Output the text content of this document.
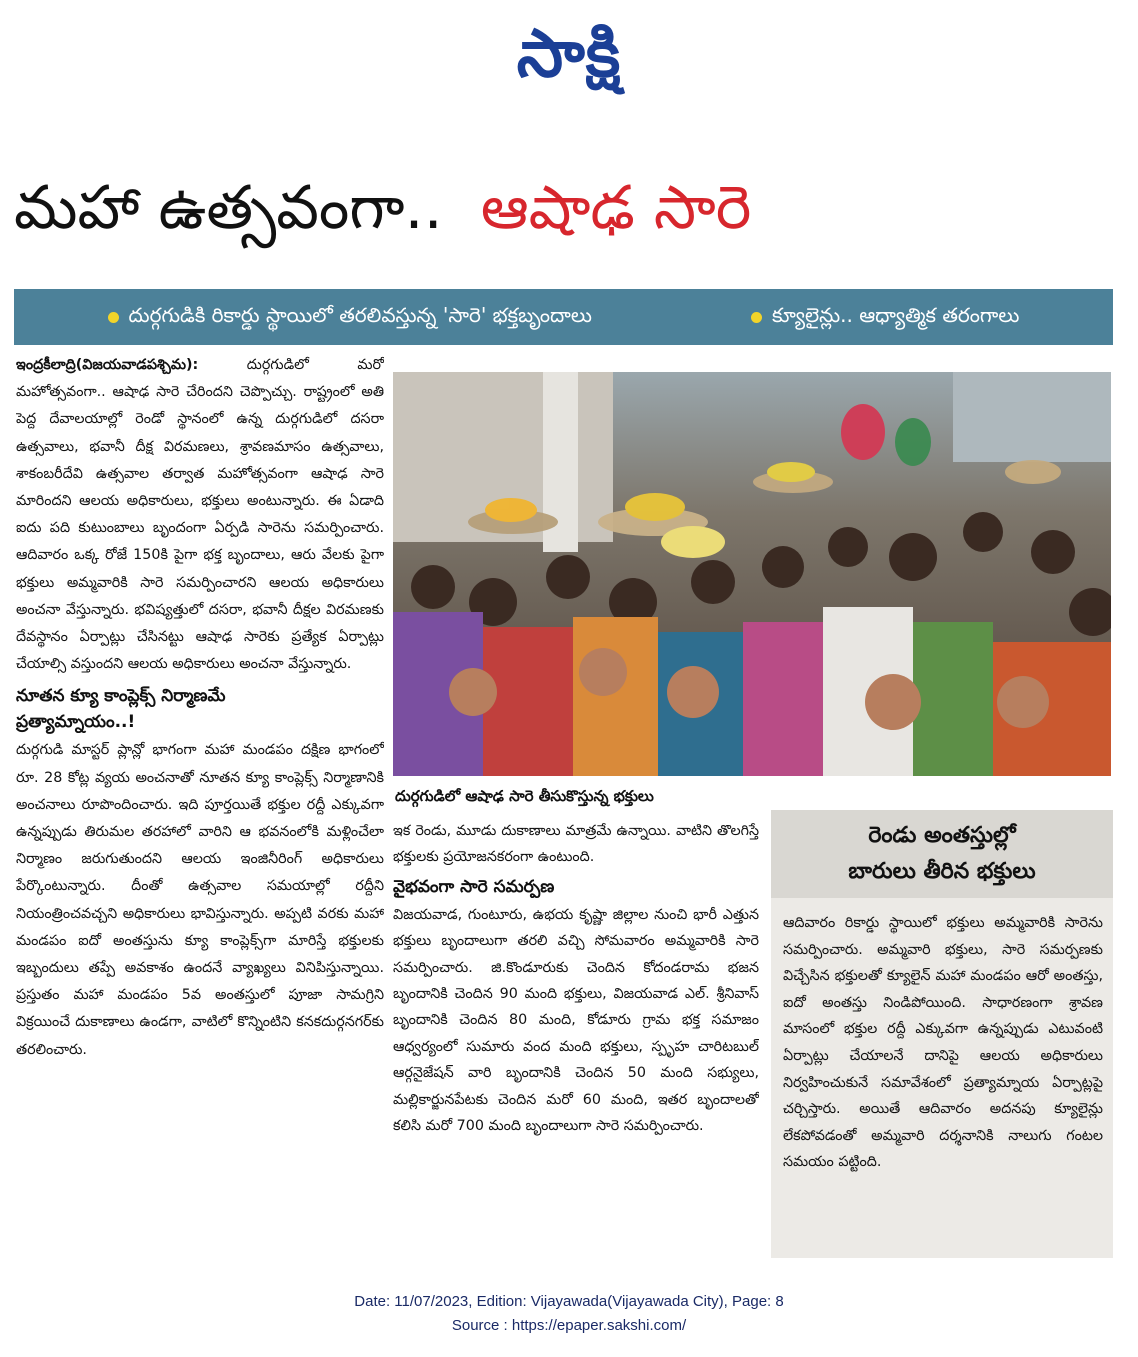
సాక్షి
మహా ఉత్సవంగా.. ఆషాఢ సారె
దుర్గగుడికి రికార్డు స్థాయిలో తరలివస్తున్న 'సారె' భక్తబృందాలు	క్యూలైన్లు.. ఆధ్యాత్మిక తరంగాలు

ఇంద్రకీలాద్రి(విజయవాడపశ్చిమ):	దుర్గగుడిలో మరో మహోత్సవంగా.. ఆషాఢ సారె చేరిందని చెప్పొచ్చు. రాష్ట్రంలో అతి పెద్ద దేవాలయాల్లో రెండో స్థానంలో ఉన్న దుర్గగుడిలో దసరా ఉత్సవాలు, భవానీ దీక్ష విరమణలు, శ్రావణమాసం ఉత్సవాలు, శాకంబరీదేవి ఉత్సవాల తర్వాత మహోత్సవంగా ఆషాఢ సారె మారిందని ఆలయ అధికారులు, భక్తులు అంటున్నారు. ఈ ఏడాది ఐదు పది కుటుంబాలు బృందంగా ఏర్పడి సారెను సమర్పించారు. ఆదివారం ఒక్క రోజే 150కి పైగా భక్త బృందాలు, ఆరు వేలకు పైగా భక్తులు అమ్మవారికి సారె సమర్పించారని ఆలయ అధికారులు అంచనా వేస్తున్నారు. భవిష్యత్తులో దసరా, భవానీ దీక్షల విరమణకు దేవస్థానం ఏర్పాట్లు చేసినట్టు ఆషాఢ సారెకు ప్రత్యేక ఏర్పాట్లు చేయాల్సి వస్తుందని ఆలయ అధికారులు అంచనా వేస్తున్నారు.

నూతన క్యూ కాంప్లెక్స్ నిర్మాణమే
ప్రత్యామ్నాయం..!

దుర్గగుడి మాస్టర్ ప్లాన్లో భాగంగా మహా మండపం దక్షిణ భాగంలో రూ. 28 కోట్ల వ్యయ అంచనాతో నూతన క్యూ కాంప్లెక్స్ నిర్మాణానికి అంచనాలు రూపొందించారు. ఇది పూర్తయితే భక్తుల రద్దీ ఎక్కువగా ఉన్నప్పుడు తిరుమల తరహాలో వారిని ఆ భవనంలోకి మళ్లించేలా నిర్మాణం జరుగుతుందని ఆలయ ఇంజినీరింగ్ అధికారులు పేర్కొంటున్నారు. దీంతో ఉత్సవాల సమయాల్లో రద్దీని నియంత్రించవచ్చని అధికారులు భావిస్తున్నారు. అప్పటి వరకు మహా మండపం ఐదో అంతస్తును క్యూ కాంప్లెక్స్‌గా మారిస్తే భక్తులకు ఇబ్బందులు తప్పే అవకాశం ఉందనే వ్యాఖ్యలు వినిపిస్తున్నాయి. ప్రస్తుతం మహా మండపం 5వ అంతస్తులో పూజా సామగ్రిని విక్రయించే దుకాణాలు ఉండగా, వాటిలో కొన్నింటిని కనకదుర్గనగర్‌కు తరలించారు.

దుర్గగుడిలో ఆషాఢ సారె తీసుకొస్తున్న భక్తులు

ఇక రెండు, మూడు దుకాణాలు మాత్రమే ఉన్నాయి. వాటిని తొలగిస్తే భక్తులకు ప్రయోజనకరంగా ఉంటుంది.

వైభవంగా సారె సమర్పణ

విజయవాడ, గుంటూరు, ఉభయ కృష్ణా జిల్లాల నుంచి భారీ ఎత్తున భక్తులు బృందాలుగా తరలి వచ్చి సోమవారం అమ్మవారికి సారె సమర్పించారు. జి.కొండూరుకు చెందిన కోదండరామ భజన బృందానికి చెందిన 90 మంది భక్తులు, విజయవాడ ఎల్. శ్రీనివాస్ బృందానికి చెందిన 80 మంది, కోడూరు గ్రామ భక్త సమాజం ఆధ్వర్యంలో సుమారు వంద మంది భక్తులు, స్పృహ చారిటబుల్ ఆర్గనైజేషన్ వారి బృందానికి చెందిన 50 మంది సభ్యులు, మల్లికార్జునపేటకు చెందిన మరో 60 మంది, ఇతర బృందాలతో కలిసి మరో 700 మంది బృందాలుగా సారె సమర్పించారు.

రెండు అంతస్తుల్లో
బారులు తీరిన భక్తులు

ఆదివారం రికార్డు స్థాయిలో భక్తులు అమ్మవారికి సారెను సమర్పించారు. అమ్మవారి భక్తులు, సారె సమర్పణకు విచ్చేసిన భక్తులతో క్యూలైన్ మహా మండపం ఆరో అంతస్తు, ఐదో అంతస్తు నిండిపోయింది. సాధారణంగా శ్రావణ మాసంలో భక్తుల రద్దీ ఎక్కువగా ఉన్నప్పుడు ఎటువంటి ఏర్పాట్లు చేయాలనే దానిపై ఆలయ అధికారులు నిర్వహించుకునే సమావేశంలో ప్రత్యామ్నాయ ఏర్పాట్లపై చర్చిస్తారు. అయితే ఆదివారం అదనపు క్యూలైన్లు లేకపోవడంతో అమ్మవారి దర్శనానికి నాలుగు గంటల సమయం పట్టింది.

Date: 11/07/2023, Edition: Vijayawada(Vijayawada City), Page: 8
Source : https://epaper.sakshi.com/
